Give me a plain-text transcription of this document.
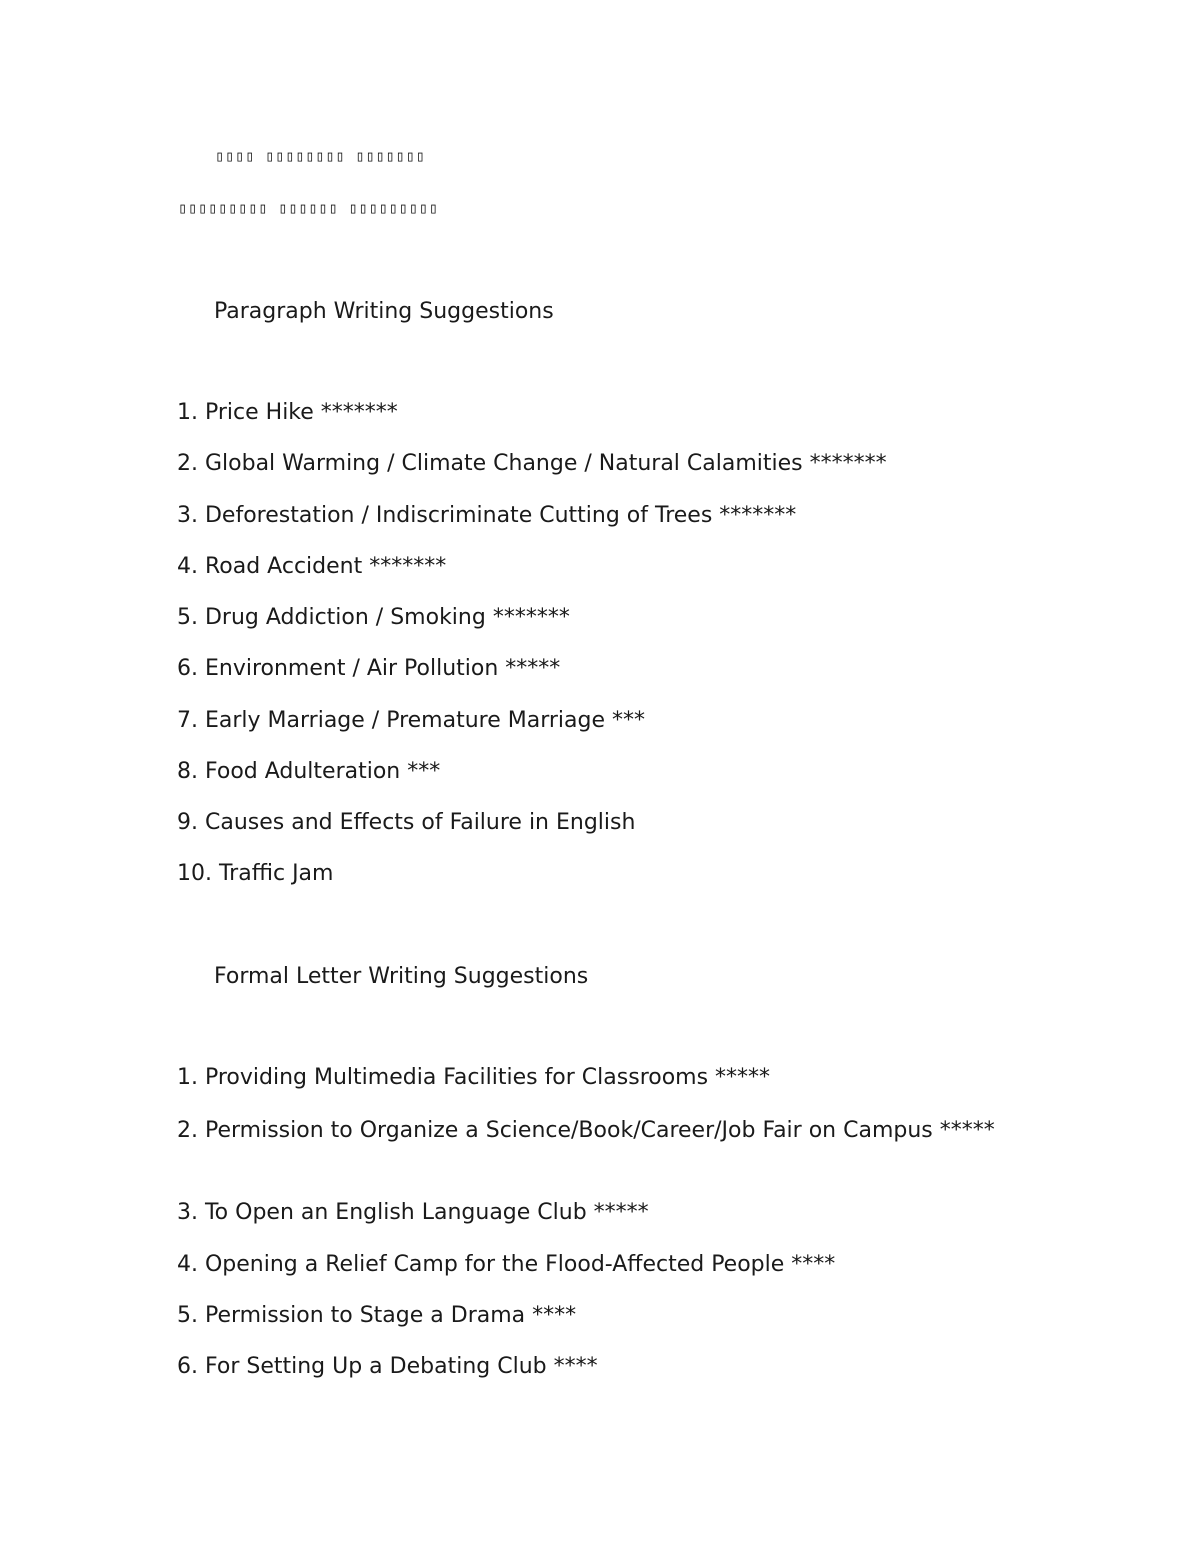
▯▯▯▯ ▯▯▯▯▯▯▯▯ ▯▯▯▯▯▯▯
▯▯▯▯▯▯▯▯▯ ▯▯▯▯▯▯ ▯▯▯▯▯▯▯▯▯
Paragraph Writing Suggestions
1. Price Hike *******
2. Global Warming / Climate Change / Natural Calamities *******
3. Deforestation / Indiscriminate Cutting of Trees *******
4. Road Accident *******
5. Drug Addiction / Smoking *******
6. Environment / Air Pollution *****
7. Early Marriage / Premature Marriage ***
8. Food Adulteration ***
9. Causes and Effects of Failure in English
10. Traffic Jam
Formal Letter Writing Suggestions
1. Providing Multimedia Facilities for Classrooms *****
2. Permission to Organize a Science/Book/Career/Job Fair on Campus *****
3. To Open an English Language Club *****
4. Opening a Relief Camp for the Flood-Affected People ****
5. Permission to Stage a Drama ****
6. For Setting Up a Debating Club ****
